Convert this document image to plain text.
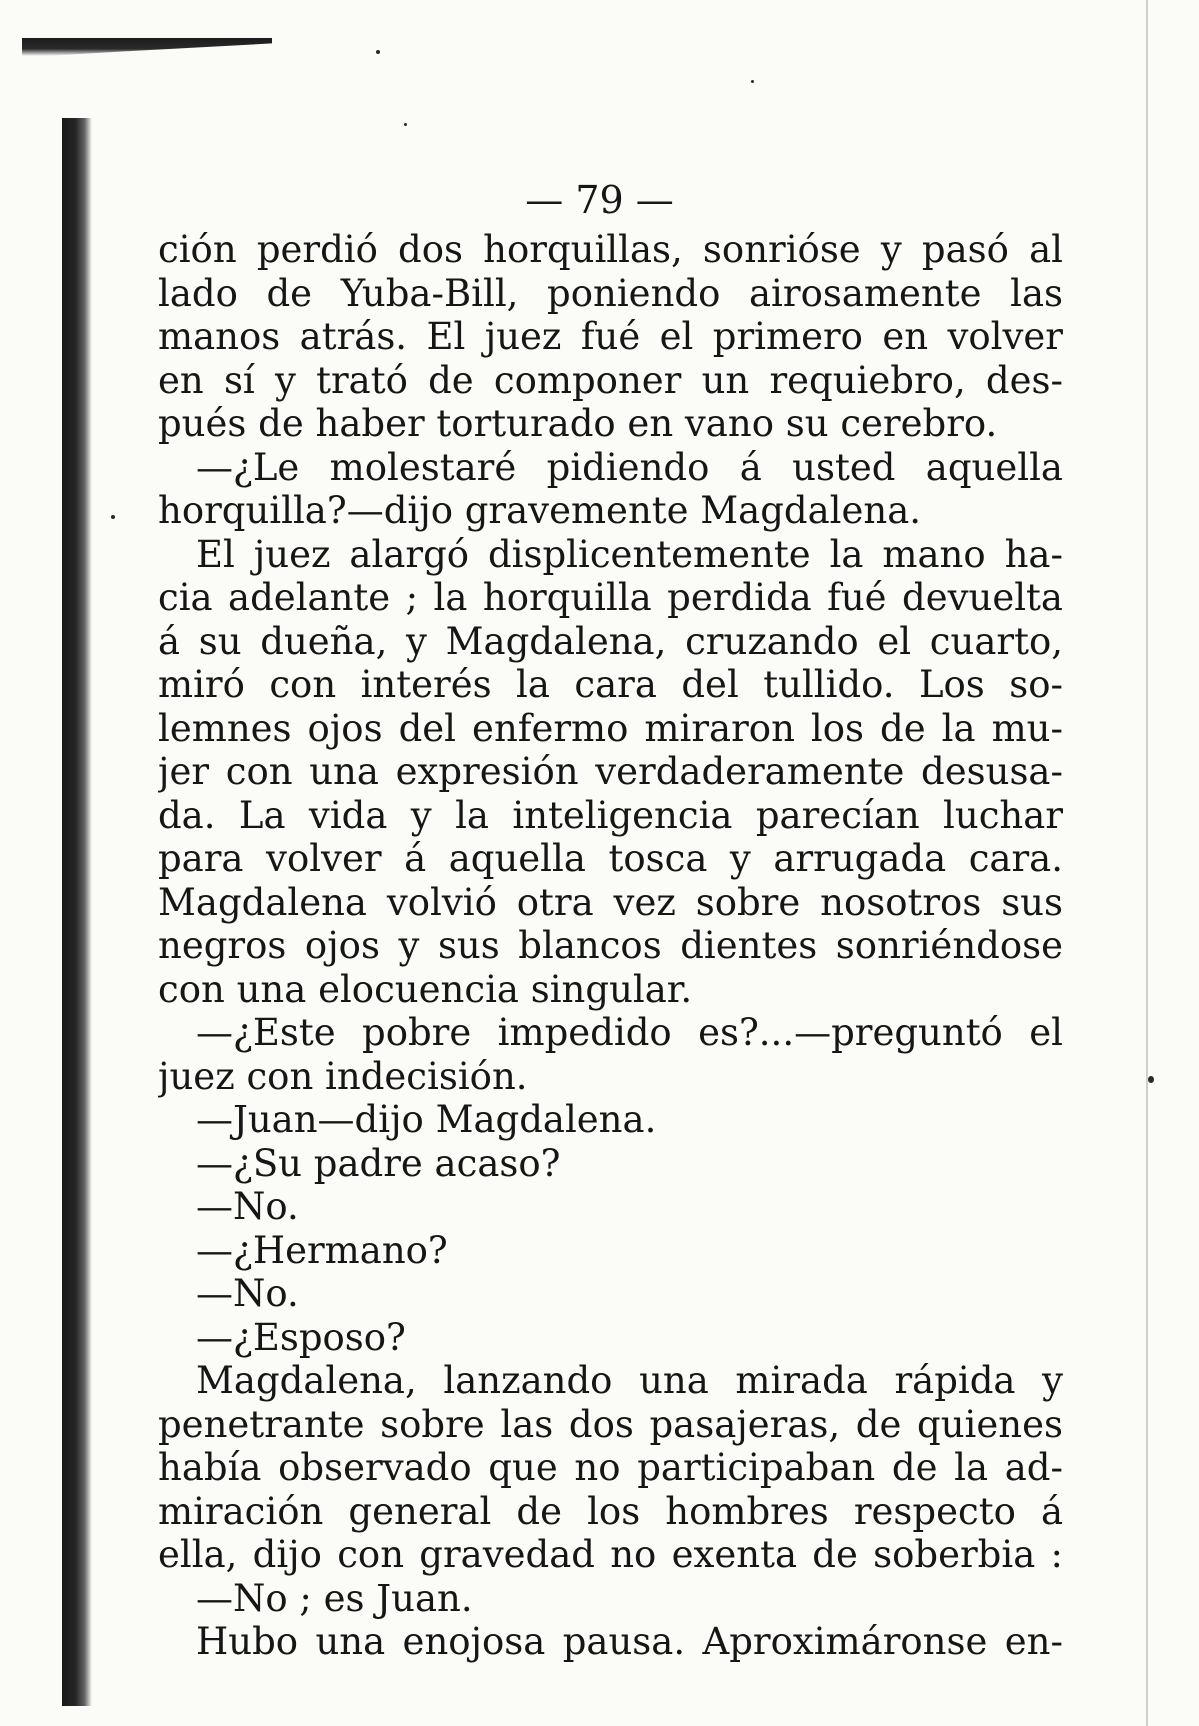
— 79 —
ción perdió dos horquillas, sonrióse y pasó al
lado de Yuba-Bill, poniendo airosamente las
manos atrás. El juez fué el primero en volver
en sí y trató de componer un requiebro, des-
pués de haber torturado en vano su cerebro.
—¿Le molestaré pidiendo á usted aquella
horquilla?—dijo gravemente Magdalena.
El juez alargó displicentemente la mano ha-
cia adelante ; la horquilla perdida fué devuelta
á su dueña, y Magdalena, cruzando el cuarto,
miró con interés la cara del tullido. Los so-
lemnes ojos del enfermo miraron los de la mu-
jer con una expresión verdaderamente desusa-
da. La vida y la inteligencia parecían luchar
para volver á aquella tosca y arrugada cara.
Magdalena volvió otra vez sobre nosotros sus
negros ojos y sus blancos dientes sonriéndose
con una elocuencia singular.
—¿Este pobre impedido es?...—preguntó el
juez con indecisión.
—Juan—dijo Magdalena.
—¿Su padre acaso?
—No.
—¿Hermano?
—No.
—¿Esposo?
Magdalena, lanzando una mirada rápida y
penetrante sobre las dos pasajeras, de quienes
había observado que no participaban de la ad-
miración general de los hombres respecto á
ella, dijo con gravedad no exenta de soberbia :
—No ; es Juan.
Hubo una enojosa pausa. Aproximáronse en-
